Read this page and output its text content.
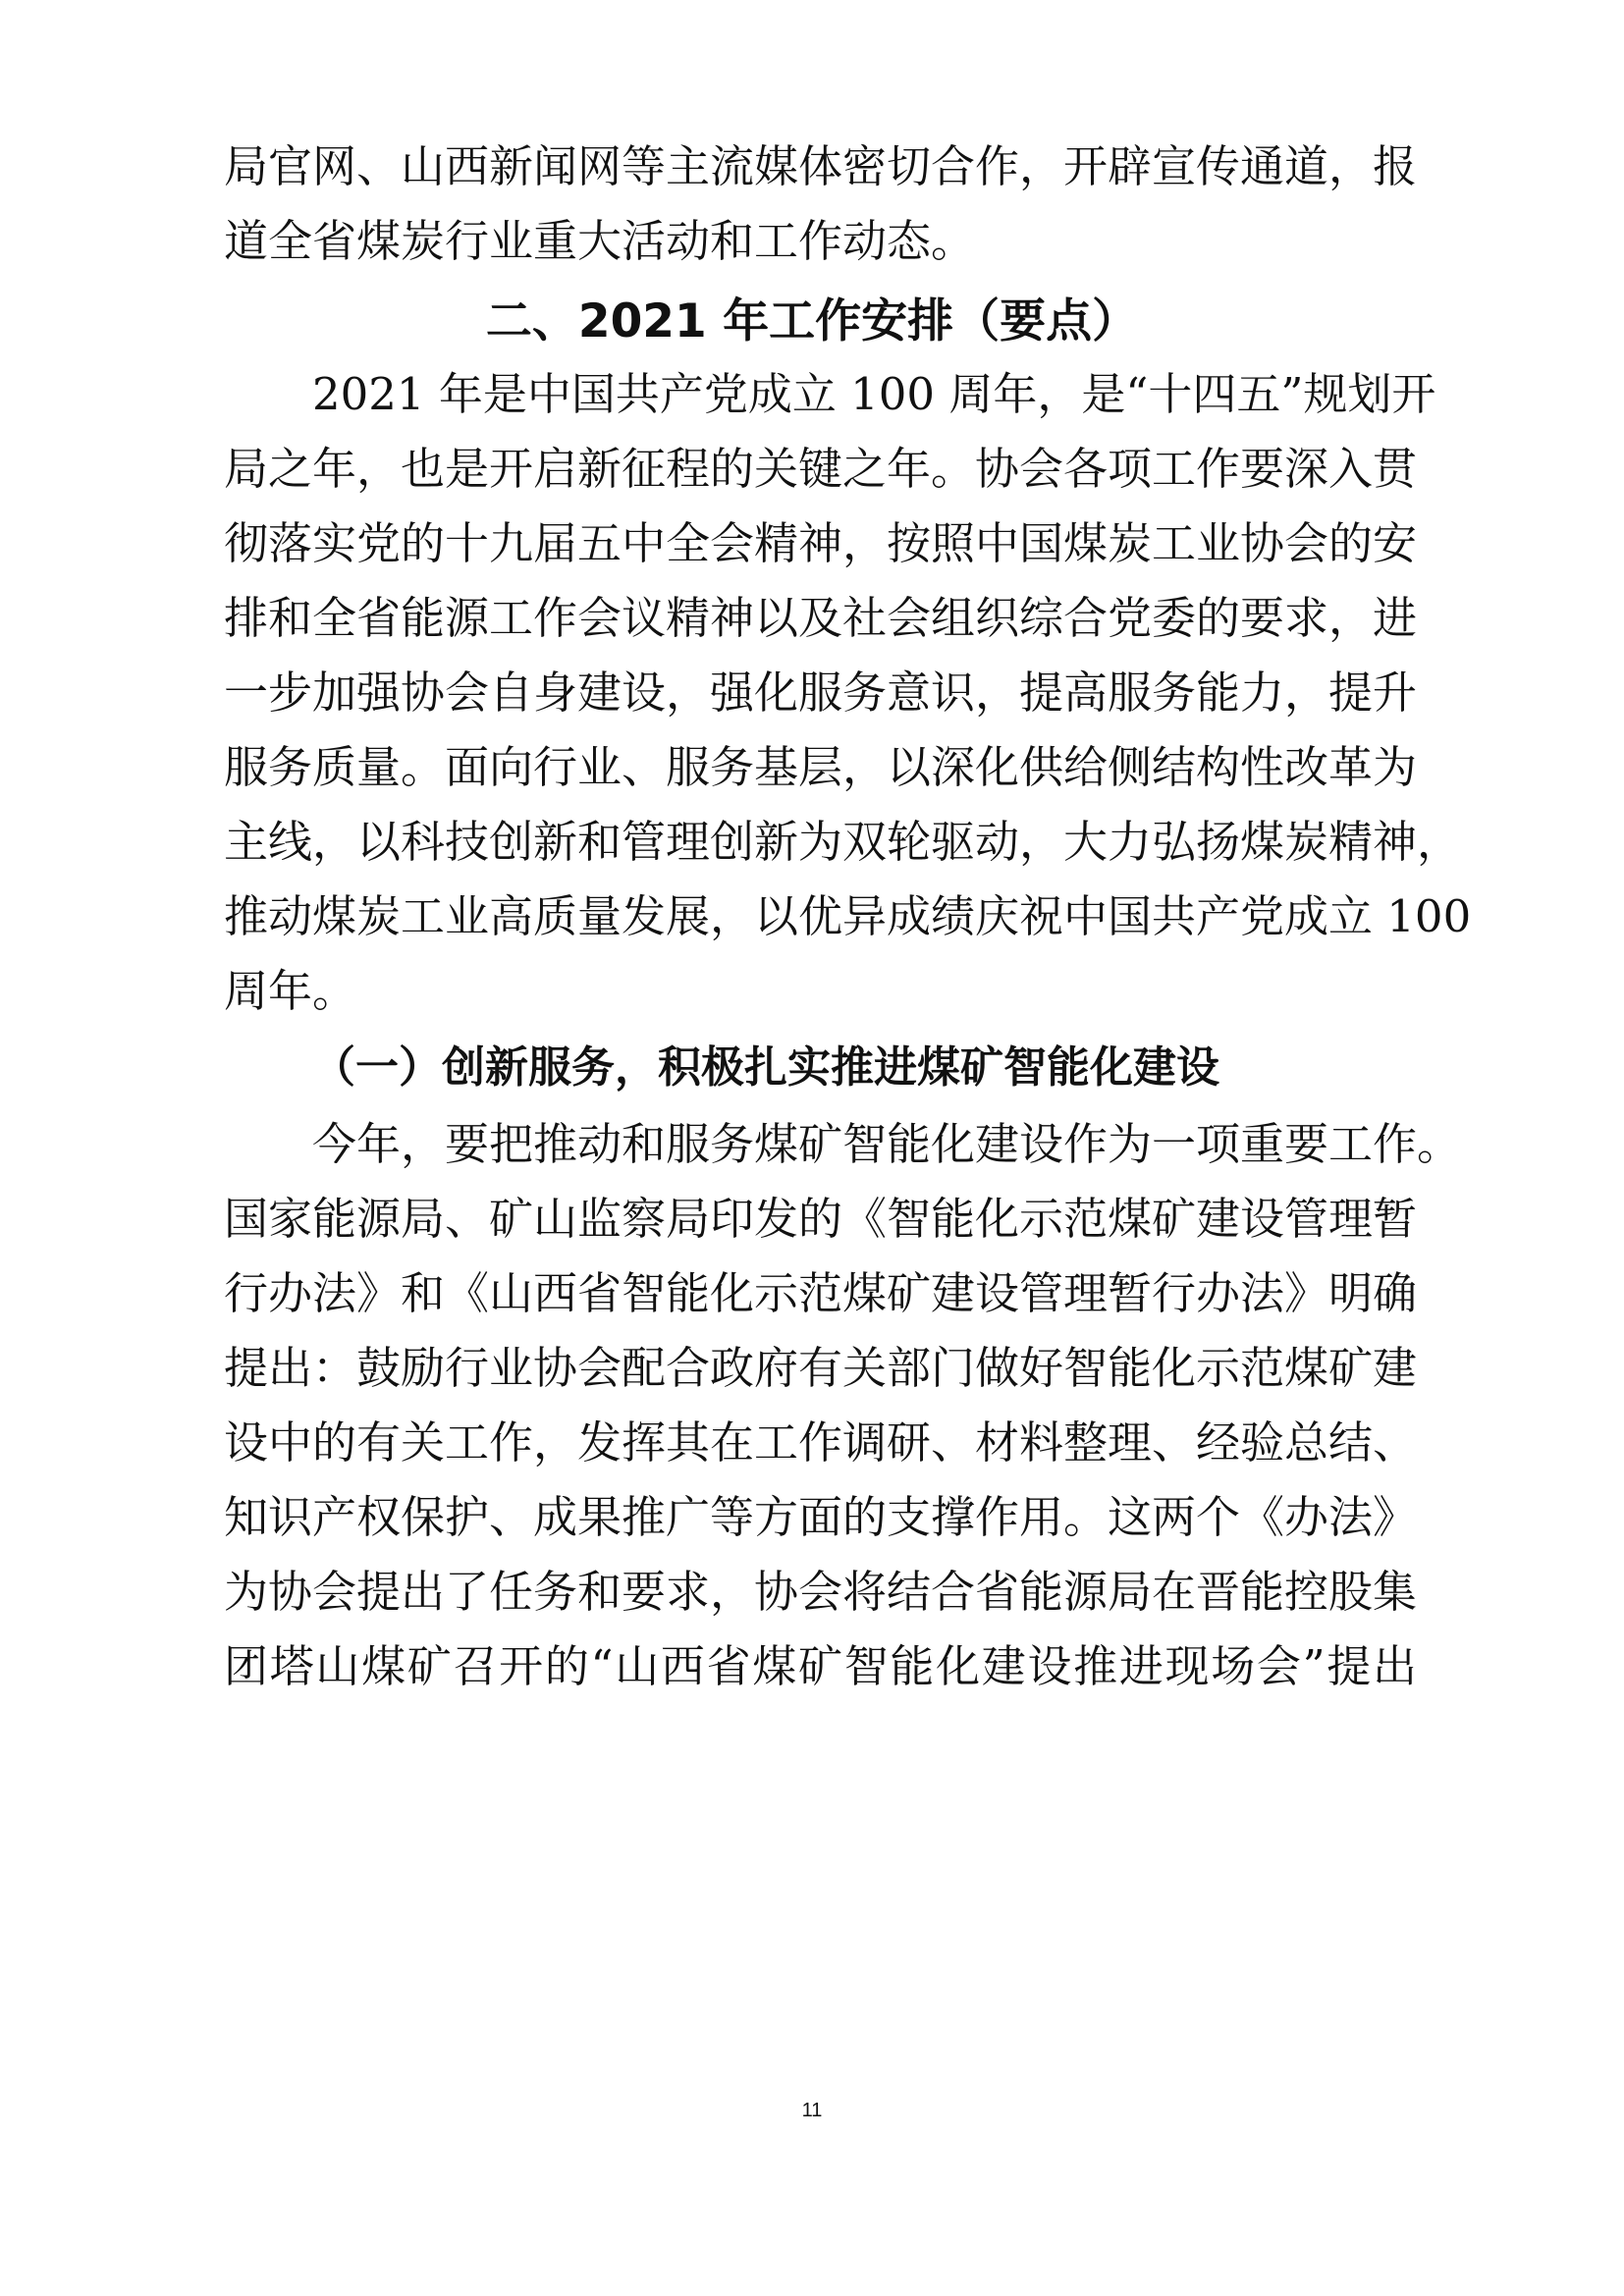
局官网、山西新闻网等主流媒体密切合作，开辟宣传通道，报
道全省煤炭行业重大活动和工作动态。
二、2021 年工作安排（要点）
2021 年是中国共产党成立 100 周年，是“十四五”规划开
局之年，也是开启新征程的关键之年。协会各项工作要深入贯
彻落实党的十九届五中全会精神，按照中国煤炭工业协会的安
排和全省能源工作会议精神以及社会组织综合党委的要求，进
一步加强协会自身建设，强化服务意识，提高服务能力，提升
服务质量。面向行业、服务基层，以深化供给侧结构性改革为
主线，以科技创新和管理创新为双轮驱动，大力弘扬煤炭精神，
推动煤炭工业高质量发展，以优异成绩庆祝中国共产党成立 100
周年。
（一）创新服务，积极扎实推进煤矿智能化建设
今年，要把推动和服务煤矿智能化建设作为一项重要工作。
国家能源局、矿山监察局印发的《智能化示范煤矿建设管理暂
行办法》和《山西省智能化示范煤矿建设管理暂行办法》明确
提出：鼓励行业协会配合政府有关部门做好智能化示范煤矿建
设中的有关工作，发挥其在工作调研、材料整理、经验总结、
知识产权保护、成果推广等方面的支撑作用。这两个《办法》
为协会提出了任务和要求，协会将结合省能源局在晋能控股集
团塔山煤矿召开的“山西省煤矿智能化建设推进现场会”提出
11
